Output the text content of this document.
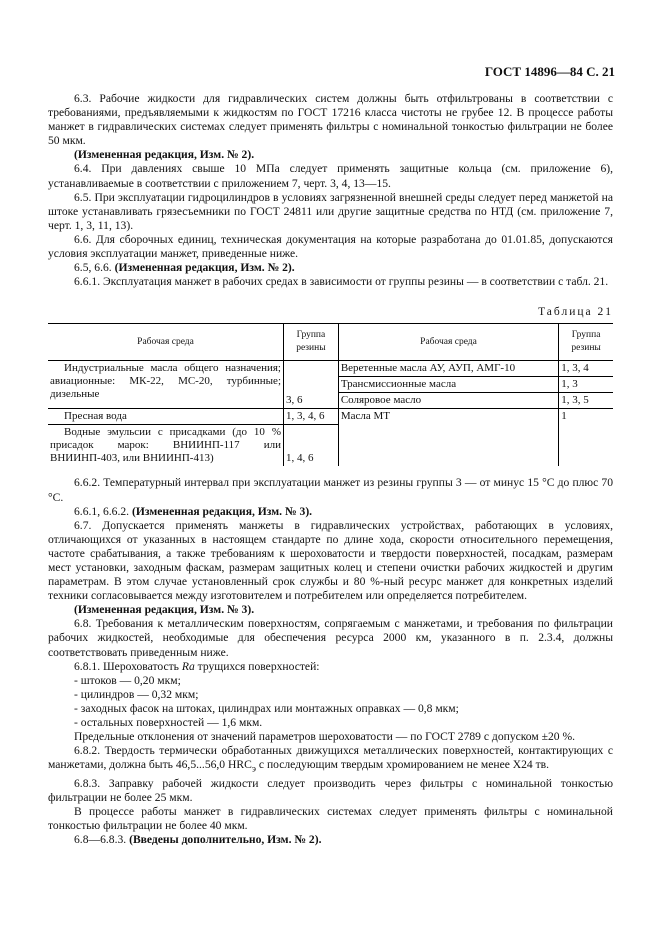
ГОСТ 14896—84 С. 21

6.3. Рабочие жидкости для гидравлических систем должны быть отфильтрованы в соответствии с требованиями, предъявляемыми к жидкостям по ГОСТ 17216 класса чистоты не грубее 12. В процессе работы манжет в гидравлических системах следует применять фильтры с номинальной тонкостью фильтрации не более 50 мкм.

(Измененная редакция, Изм. № 2).

6.4. При давлениях свыше 10 МПа следует применять защитные кольца (см. приложение 6), устанавливаемые в соответствии с приложением 7, черт. 3, 4, 13—15.

6.5. При эксплуатации гидроцилиндров в условиях загрязненной внешней среды следует перед манжетой на штоке устанавливать грязесъемники по ГОСТ 24811 или другие защитные средства по НТД (см. приложение 7, черт. 1, 3, 11, 13).

6.6. Для сборочных единиц, техническая документация на которые разработана до 01.01.85, допускаются условия эксплуатации манжет, приведенные ниже.

6.5, 6.6. (Измененная редакция, Изм. № 2).

6.6.1. Эксплуатация манжет в рабочих средах в зависимости от группы резины — в соответствии с табл. 21.

Таблица 21
Рабочая среда	Группа резины	Рабочая среда	Группа резины
Индустриальные масла общего назначения; авиационные: МК-22, МС-20, турбинные; дизельные	3, 6	Веретенные масла АУ, АУП, АМГ-10	1, 3, 4
		Трансмиссионные масла	1, 3
		Соляровое масло	1, 3, 5
Пресная вода	1, 3, 4, 6	Масла МТ	1
Водные эмульсии с присадками (до 10 % присадок марок: ВНИИНП-117 или ВНИИНП-403, или ВНИИНП-413)	1, 4, 6		

6.6.2. Температурный интервал при эксплуатации манжет из резины группы 3 — от минус 15 °С до плюс 70 °С.

6.6.1, 6.6.2. (Измененная редакция, Изм. № 3).

6.7. Допускается применять манжеты в гидравлических устройствах, работающих в условиях, отличающихся от указанных в настоящем стандарте по длине хода, скорости относительного перемещения, частоте срабатывания, а также требованиям к шероховатости и твердости поверхностей, посадкам, размерам мест установки, заходным фаскам, размерам защитных колец и степени очистки рабочих жидкостей и другим параметрам. В этом случае установленный срок службы и 80 %-ный ресурс манжет для конкретных изделий техники согласовывается между изготовителем и потребителем или определяется потребителем.

(Измененная редакция, Изм. № 3).

6.8. Требования к металлическим поверхностям, сопрягаемым с манжетами, и требования по фильтрации рабочих жидкостей, необходимые для обеспечения ресурса 2000 км, указанного в п. 2.3.4, должны соответствовать приведенным ниже.

6.8.1. Шероховатость Ra трущихся поверхностей:

- штоков — 0,20 мкм;

- цилиндров — 0,32 мкм;

- заходных фасок на штоках, цилиндрах или монтажных оправках — 0,8 мкм;

- остальных поверхностей — 1,6 мкм.

Предельные отклонения от значений параметров шероховатости — по ГОСТ 2789 с допуском ±20 %.

6.8.2. Твердость термически обработанных движущихся металлических поверхностей, контактирующих с манжетами, должна быть 46,5...56,0 $HRC_э$ с последующим твердым хромированием не менее Х24 тв.

6.8.3. Заправку рабочей жидкости следует производить через фильтры с номинальной тонкостью фильтрации не более 25 мкм.

В процессе работы манжет в гидравлических системах следует применять фильтры с номинальной тонкостью фильтрации не более 40 мкм.

6.8—6.8.3. (Введены дополнительно, Изм. № 2).
